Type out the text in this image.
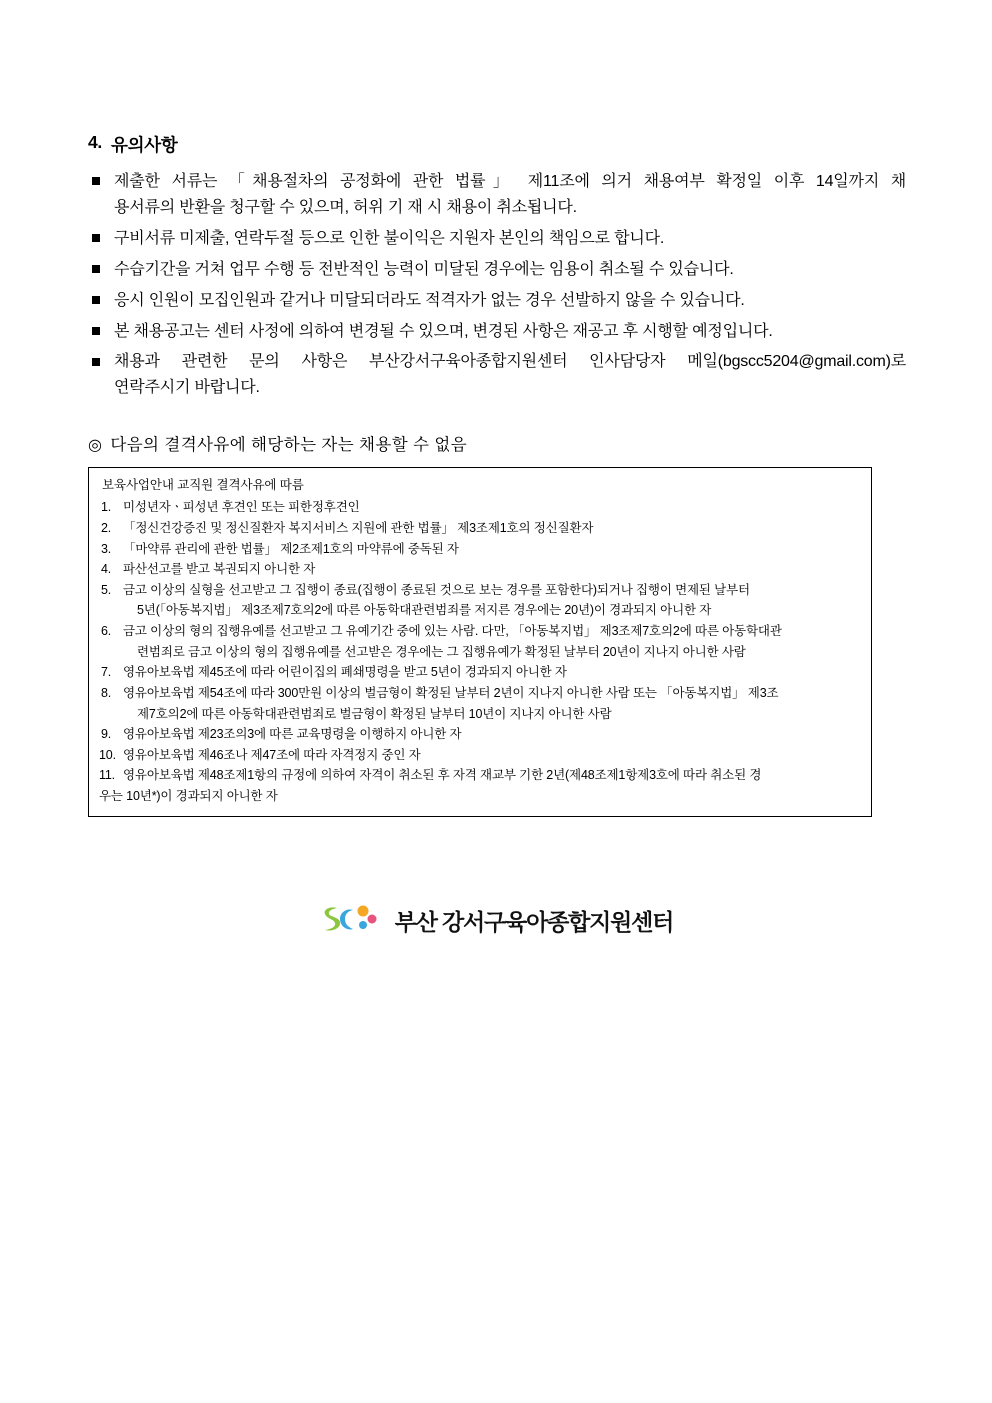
4. 유의사항
제출한 서류는 「채용절차의 공정화에 관한 법률」 제11조에 의거 채용여부 확정일 이후 14일까지 채
용서류의 반환을 청구할 수 있으며, 허위 기 재 시 채용이 취소됩니다.
구비서류 미제출, 연락두절 등으로 인한 불이익은 지원자 본인의 책임으로 합니다.
수습기간을 거쳐 업무 수행 등 전반적인 능력이 미달된 경우에는 임용이 취소될 수 있습니다.
응시 인원이 모집인원과 같거나 미달되더라도 적격자가 없는 경우 선발하지 않을 수 있습니다.
본 채용공고는 센터 사정에 의하여 변경될 수 있으며, 변경된 사항은 재공고 후 시행할 예정입니다.
채용과 관련한 문의 사항은 부산강서구육아종합지원센터 인사담당자 메일(bgscc5204@gmail.com)로
연락주시기 바랍니다.
◎ 다음의 결격사유에 해당하는 자는 채용할 수 없음
보육사업안내 교직원 결격사유에 따름
1. 미성년자ㆍ피성년 후견인 또는 피한정후견인
2. 「정신건강증진 및 정신질환자 복지서비스 지원에 관한 법률」 제3조제1호의 정신질환자
3. 「마약류 관리에 관한 법률」 제2조제1호의 마약류에 중독된 자
4. 파산선고를 받고 복권되지 아니한 자
5. 금고 이상의 실형을 선고받고 그 집행이 종료(집행이 종료된 것으로 보는 경우를 포함한다)되거나 집행이 면제된 날부터
5년(「아동복지법」 제3조제7호의2에 따른 아동학대관련범죄를 저지른 경우에는 20년)이 경과되지 아니한 자
6. 금고 이상의 형의 집행유예를 선고받고 그 유예기간 중에 있는 사람. 다만, 「아동복지법」 제3조제7호의2에 따른 아동학대관
련범죄로 금고 이상의 형의 집행유예를 선고받은 경우에는 그 집행유예가 확정된 날부터 20년이 지나지 아니한 사람
7. 영유아보육법 제45조에 따라 어린이집의 폐쇄명령을 받고 5년이 경과되지 아니한 자
8. 영유아보육법 제54조에 따라 300만원 이상의 벌금형이 확정된 날부터 2년이 지나지 아니한 사람 또는 「아동복지법」 제3조
제7호의2에 따른 아동학대관련범죄로 벌금형이 확정된 날부터 10년이 지나지 아니한 사람
9. 영유아보육법 제23조의3에 따른 교육명령을 이행하지 아니한 자
10. 영유아보육법 제46조나 제47조에 따라 자격정지 중인 자
11. 영유아보육법 제48조제1항의 규정에 의하여 자격이 취소된 후 자격 재교부 기한 2년(제48조제1항제3호에 따라 취소된 경
우는 10년*)이 경과되지 아니한 자
부산 강서구육아종합지원센터
